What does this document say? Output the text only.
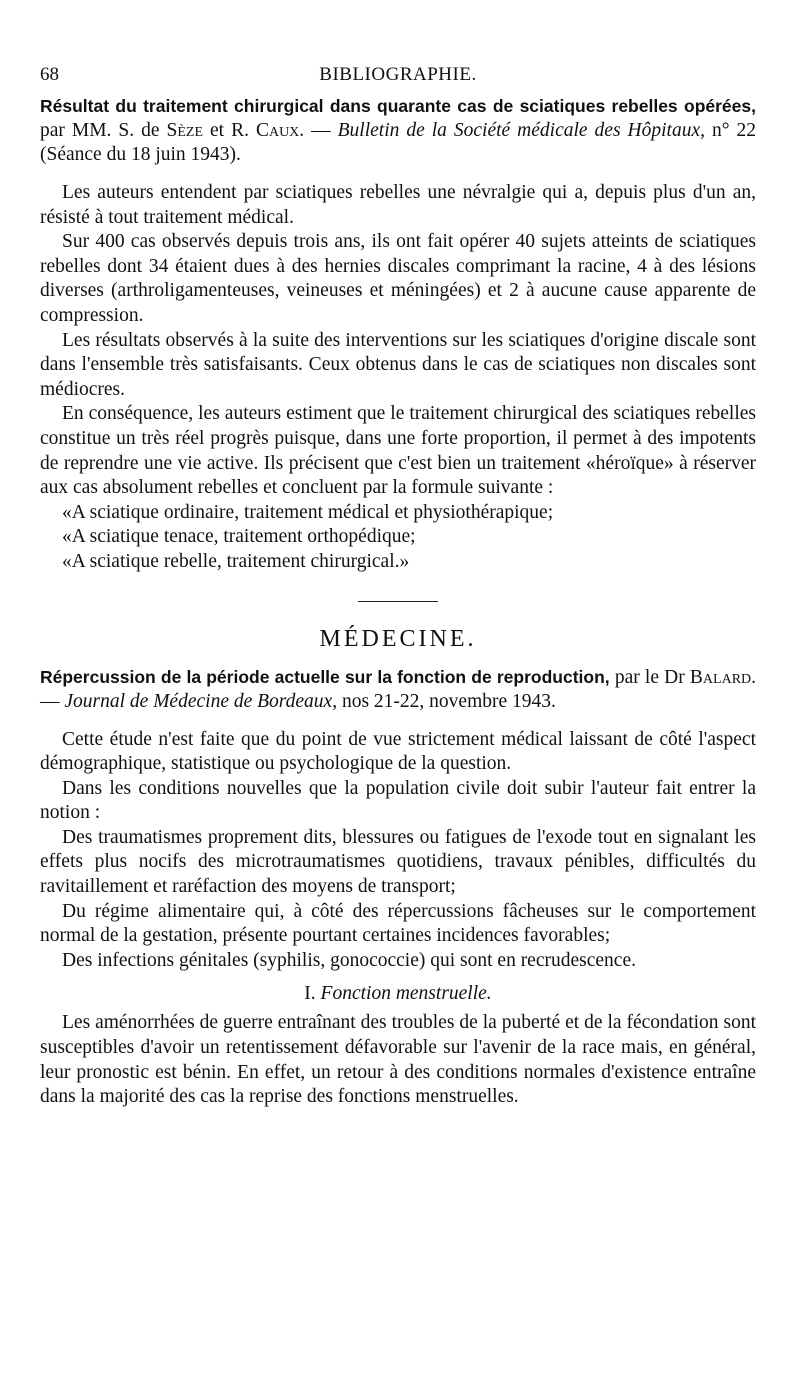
68	BIBLIOGRAPHIE.
Résultat du traitement chirurgical dans quarante cas de sciatiques rebelles opérées, par MM. S. de Sèze et R. Caux. — Bulletin de la Société médicale des Hôpitaux, n° 22 (Séance du 18 juin 1943).

Les auteurs entendent par sciatiques rebelles une névralgie qui a, depuis plus d'un an, résisté à tout traitement médical.

Sur 400 cas observés depuis trois ans, ils ont fait opérer 40 sujets atteints de sciatiques rebelles dont 34 étaient dues à des hernies discales comprimant la racine, 4 à des lésions diverses (arthroligamenteuses, veineuses et méningées) et 2 à aucune cause apparente de compression.

Les résultats observés à la suite des interventions sur les sciatiques d'origine discale sont dans l'ensemble très satisfaisants. Ceux obtenus dans le cas de sciatiques non discales sont médiocres.

En conséquence, les auteurs estiment que le traitement chirurgical des sciatiques rebelles constitue un très réel progrès puisque, dans une forte proportion, il permet à des impotents de reprendre une vie active. Ils précisent que c'est bien un traitement «héroïque» à réserver aux cas absolument rebelles et concluent par la formule suivante :

«A sciatique ordinaire, traitement médical et physiothérapique;

«A sciatique tenace, traitement orthopédique;

«A sciatique rebelle, traitement chirurgical.»

MÉDECINE.
Répercussion de la période actuelle sur la fonction de reproduction, par le Dr Balard. — Journal de Médecine de Bordeaux, nos 21-22, novembre 1943.

Cette étude n'est faite que du point de vue strictement médical laissant de côté l'aspect démographique, statistique ou psychologique de la question.

Dans les conditions nouvelles que la population civile doit subir l'auteur fait entrer la notion :

Des traumatismes proprement dits, blessures ou fatigues de l'exode tout en signalant les effets plus nocifs des microtraumatismes quotidiens, travaux pénibles, difficultés du ravitaillement et raréfaction des moyens de transport;

Du régime alimentaire qui, à côté des répercussions fâcheuses sur le comportement normal de la gestation, présente pourtant certaines incidences favorables;

Des infections génitales (syphilis, gonococcie) qui sont en recrudescence.

I. Fonction menstruelle.

Les aménorrhées de guerre entraînant des troubles de la puberté et de la fécondation sont susceptibles d'avoir un retentissement défavorable sur l'avenir de la race mais, en général, leur pronostic est bénin. En effet, un retour à des conditions normales d'existence entraîne dans la majorité des cas la reprise des fonctions menstruelles.
